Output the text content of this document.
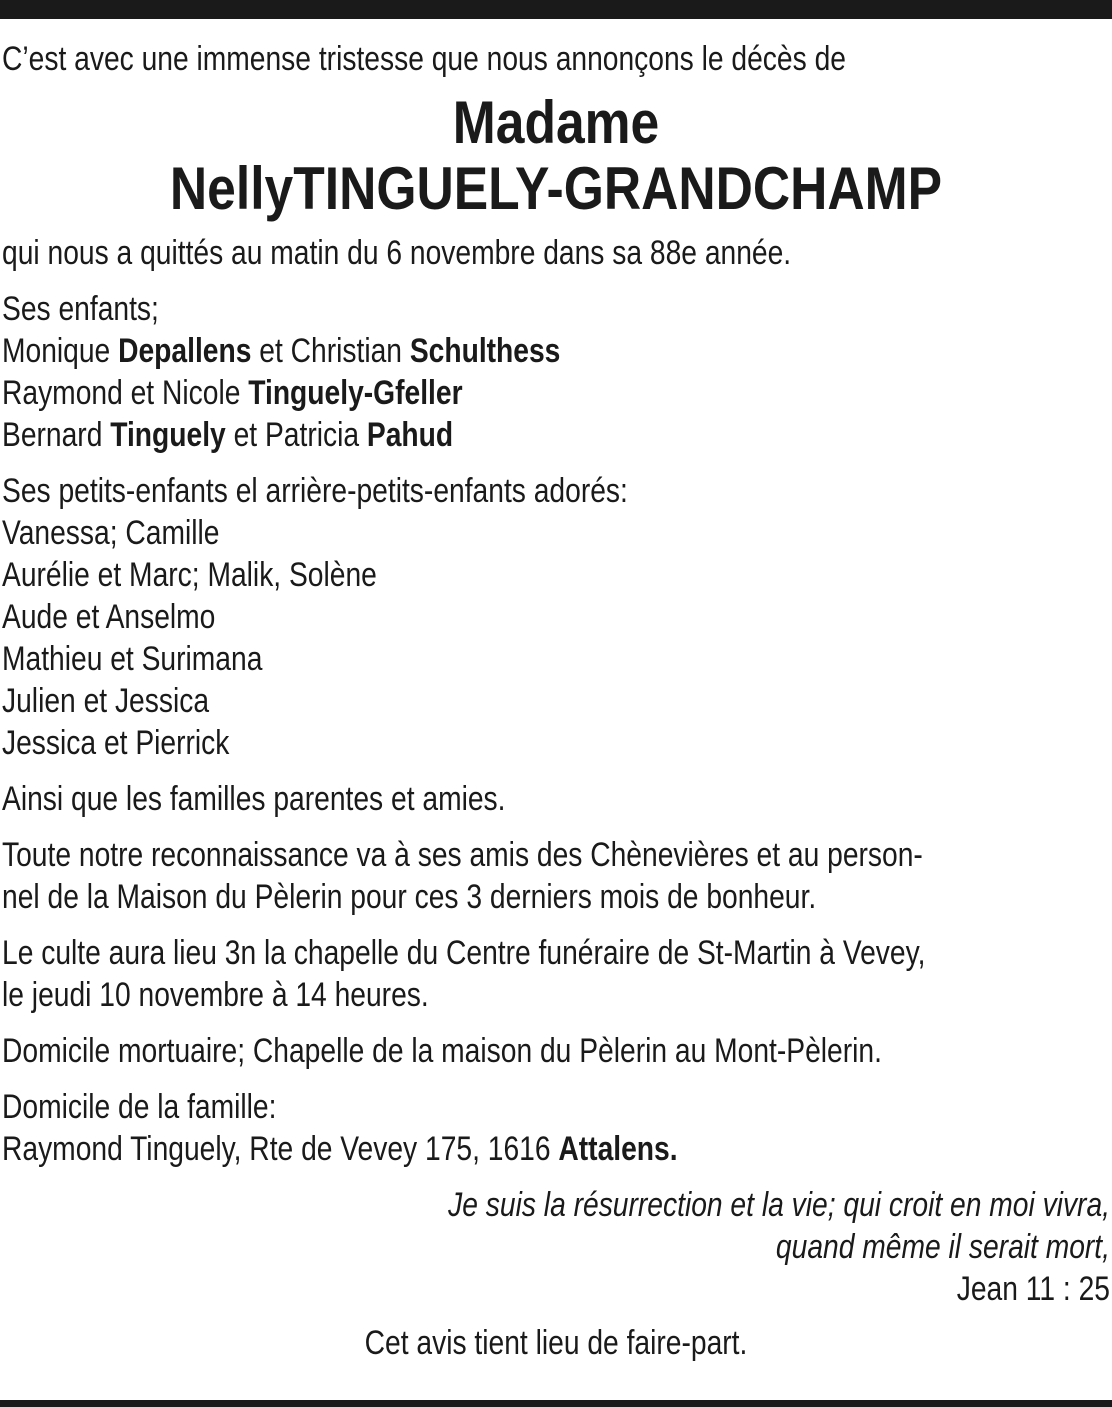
C’est avec une immense tristesse que nous annonçons le décès de
Madame
NellyTINGUELY-GRANDCHAMP
qui nous a quittés au matin du 6 novembre dans sa 88e année.
Ses enfants;
Monique Depallens et Christian Schulthess
Raymond et Nicole Tinguely-Gfeller
Bernard Tinguely et Patricia Pahud
Ses petits-enfants el arrière-petits-enfants adorés:
Vanessa; Camille
Aurélie et Marc; Malik, Solène
Aude et Anselmo
Mathieu et Surimana
Julien et Jessica
Jessica et Pierrick
Ainsi que les familles parentes et amies.
Toute notre reconnaissance va à ses amis des Chènevières et au person-
nel de la Maison du Pèlerin pour ces 3 derniers mois de bonheur.
Le culte aura lieu 3n la chapelle du Centre funéraire de St-Martin à Vevey,
le jeudi 10 novembre à 14 heures.
Domicile mortuaire; Chapelle de la maison du Pèlerin au Mont-Pèlerin.
Domicile de la famille:
Raymond Tinguely, Rte de Vevey 175, 1616 Attalens.
Je suis la résurrection et la vie; qui croit en moi vivra,
quand même il serait mort,
Jean 11 : 25
Cet avis tient lieu de faire-part.
